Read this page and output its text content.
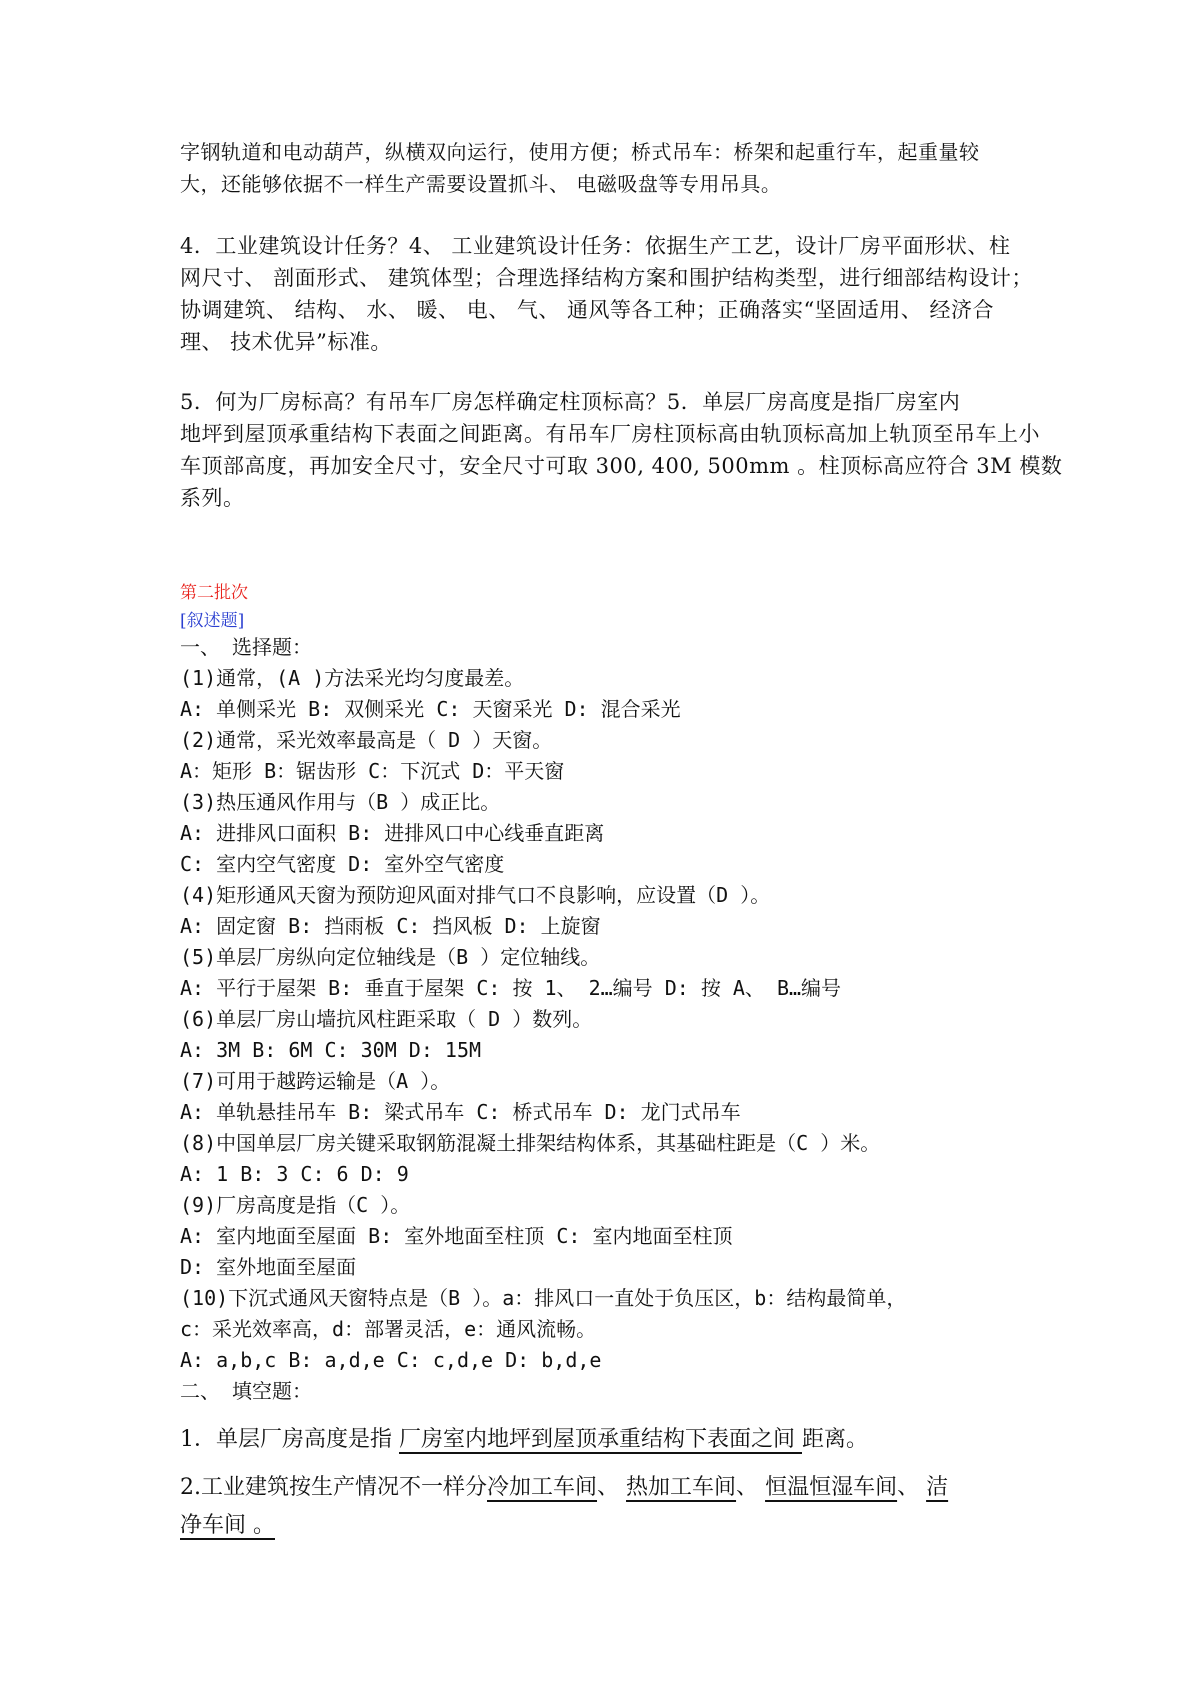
字钢轨道和电动葫芦，纵横双向运行，使用方便；桥式吊车：桥架和起重行车，起重量较
大，还能够依据不一样生产需要设置抓斗、 电磁吸盘等专用吊具。
4．工业建筑设计任务？4、 工业建筑设计任务：依据生产工艺，设计厂房平面形状、柱
网尺寸、 剖面形式、 建筑体型；合理选择结构方案和围护结构类型，进行细部结构设计；
协调建筑、 结构、 水、 暖、 电、 气、 通风等各工种；正确落实“坚固适用、 经济合
理、 技术优异”标准。
5．何为厂房标高？有吊车厂房怎样确定柱顶标高？5．单层厂房高度是指厂房室内
地坪到屋顶承重结构下表面之间距离。有吊车厂房柱顶标高由轨顶标高加上轨顶至吊车上小
车顶部高度，再加安全尺寸，安全尺寸可取 300, 400, 500mm 。柱顶标高应符合 3M 模数
系列。
第二批次
[叙述题]
一、 选择题：
(1)通常，(A )方法采光均匀度最差。
A: 单侧采光 B: 双侧采光 C: 天窗采光 D: 混合采光
(2)通常，采光效率最高是（ D ）天窗。
A：矩形 B：锯齿形 C：下沉式 D：平天窗
(3)热压通风作用与（B ）成正比。
A: 进排风口面积 B: 进排风口中心线垂直距离
C: 室内空气密度 D: 室外空气密度
(4)矩形通风天窗为预防迎风面对排气口不良影响，应设置（D ）。
A: 固定窗 B: 挡雨板 C: 挡风板 D: 上旋窗
(5)单层厂房纵向定位轴线是（B ）定位轴线。
A: 平行于屋架 B: 垂直于屋架 C: 按 1、 2…编号 D: 按 A、 B…编号
(6)单层厂房山墙抗风柱距采取（ D ）数列。
A: 3M B: 6M C: 30M D: 15M
(7)可用于越跨运输是（A ）。
A: 单轨悬挂吊车 B: 梁式吊车 C: 桥式吊车 D: 龙门式吊车
(8)中国单层厂房关键采取钢筋混凝土排架结构体系，其基础柱距是（C ）米。
A: 1 B: 3 C: 6 D: 9
(9)厂房高度是指（C ）。
A: 室内地面至屋面 B: 室外地面至柱顶 C: 室内地面至柱顶
D: 室外地面至屋面
(10)下沉式通风天窗特点是（B ）。a：排风口一直处于负压区，b：结构最简单，
c：采光效率高，d：部署灵活，e：通风流畅。
A: a,b,c B: a,d,e C: c,d,e D: b,d,e
二、 填空题：
1．单层厂房高度是指 厂房室内地坪到屋顶承重结构下表面之间 距离。
2.工业建筑按生产情况不一样分冷加工车间、 热加工车间、 恒温恒湿车间、 洁
净车间 。
